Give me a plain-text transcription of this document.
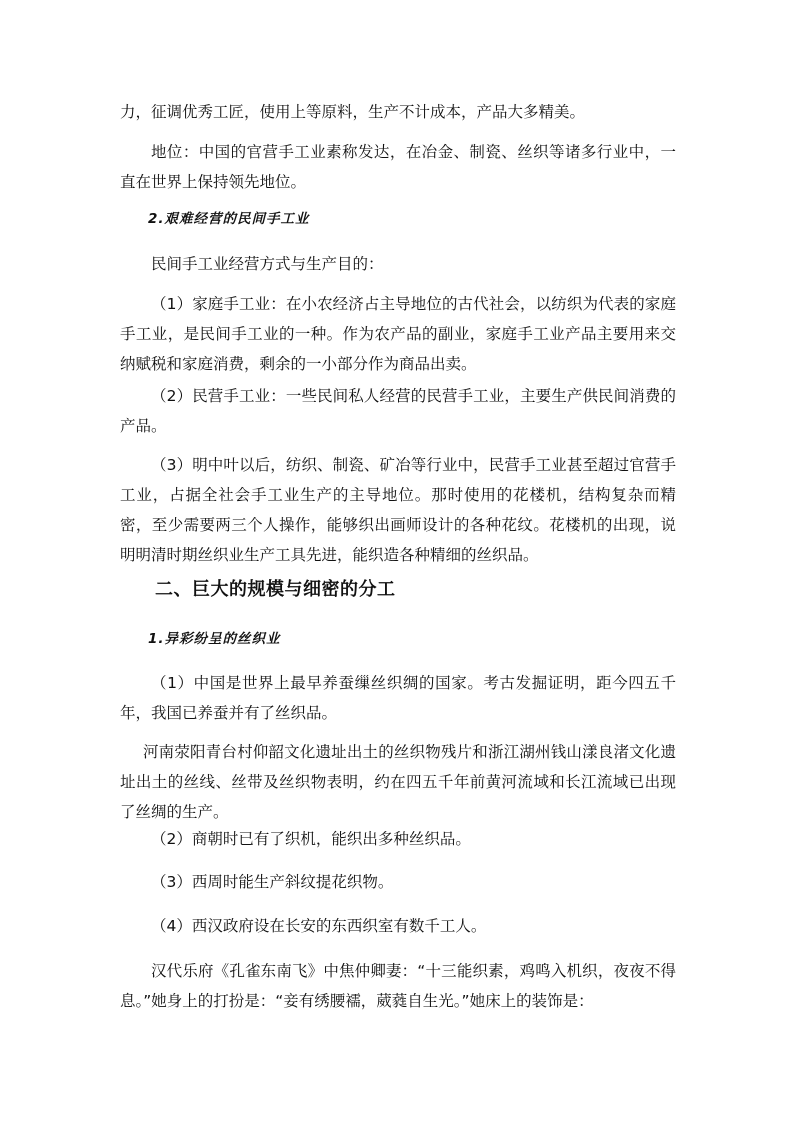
力，征调优秀工匠，使用上等原料，生产不计成本，产品大多精美。

地位：中国的官营手工业素称发达，在冶金、制瓷、丝织等诸多行业中，一直在世界上保持领先地位。

2.艰难经营的民间手工业

民间手工业经营方式与生产目的：

（1）家庭手工业：在小农经济占主导地位的古代社会，以纺织为代表的家庭手工业，是民间手工业的一种。作为农产品的副业，家庭手工业产品主要用来交纳赋税和家庭消费，剩余的一小部分作为商品出卖。

（2）民营手工业：一些民间私人经营的民营手工业，主要生产供民间消费的产品。

（3）明中叶以后，纺织、制瓷、矿冶等行业中，民营手工业甚至超过官营手工业，占据全社会手工业生产的主导地位。那时使用的花楼机，结构复杂而精密，至少需要两三个人操作，能够织出画师设计的各种花纹。花楼机的出现，说明明清时期丝织业生产工具先进，能织造各种精细的丝织品。

二、巨大的规模与细密的分工

1.异彩纷呈的丝织业

（1）中国是世界上最早养蚕缫丝织绸的国家。考古发掘证明，距今四五千年，我国已养蚕并有了丝织品。

河南荥阳青台村仰韶文化遗址出土的丝织物残片和浙江湖州钱山漾良渚文化遗址出土的丝线、丝带及丝织物表明，约在四五千年前黄河流域和长江流域已出现了丝绸的生产。

（2）商朝时已有了织机，能织出多种丝织品。

（3）西周时能生产斜纹提花织物。

（4）西汉政府设在长安的东西织室有数千工人。

汉代乐府《孔雀东南飞》中焦仲卿妻：“十三能织素，鸡鸣入机织，夜夜不得息。”她身上的打扮是：“妾有绣腰襦，葳蕤自生光。”她床上的装饰是：
